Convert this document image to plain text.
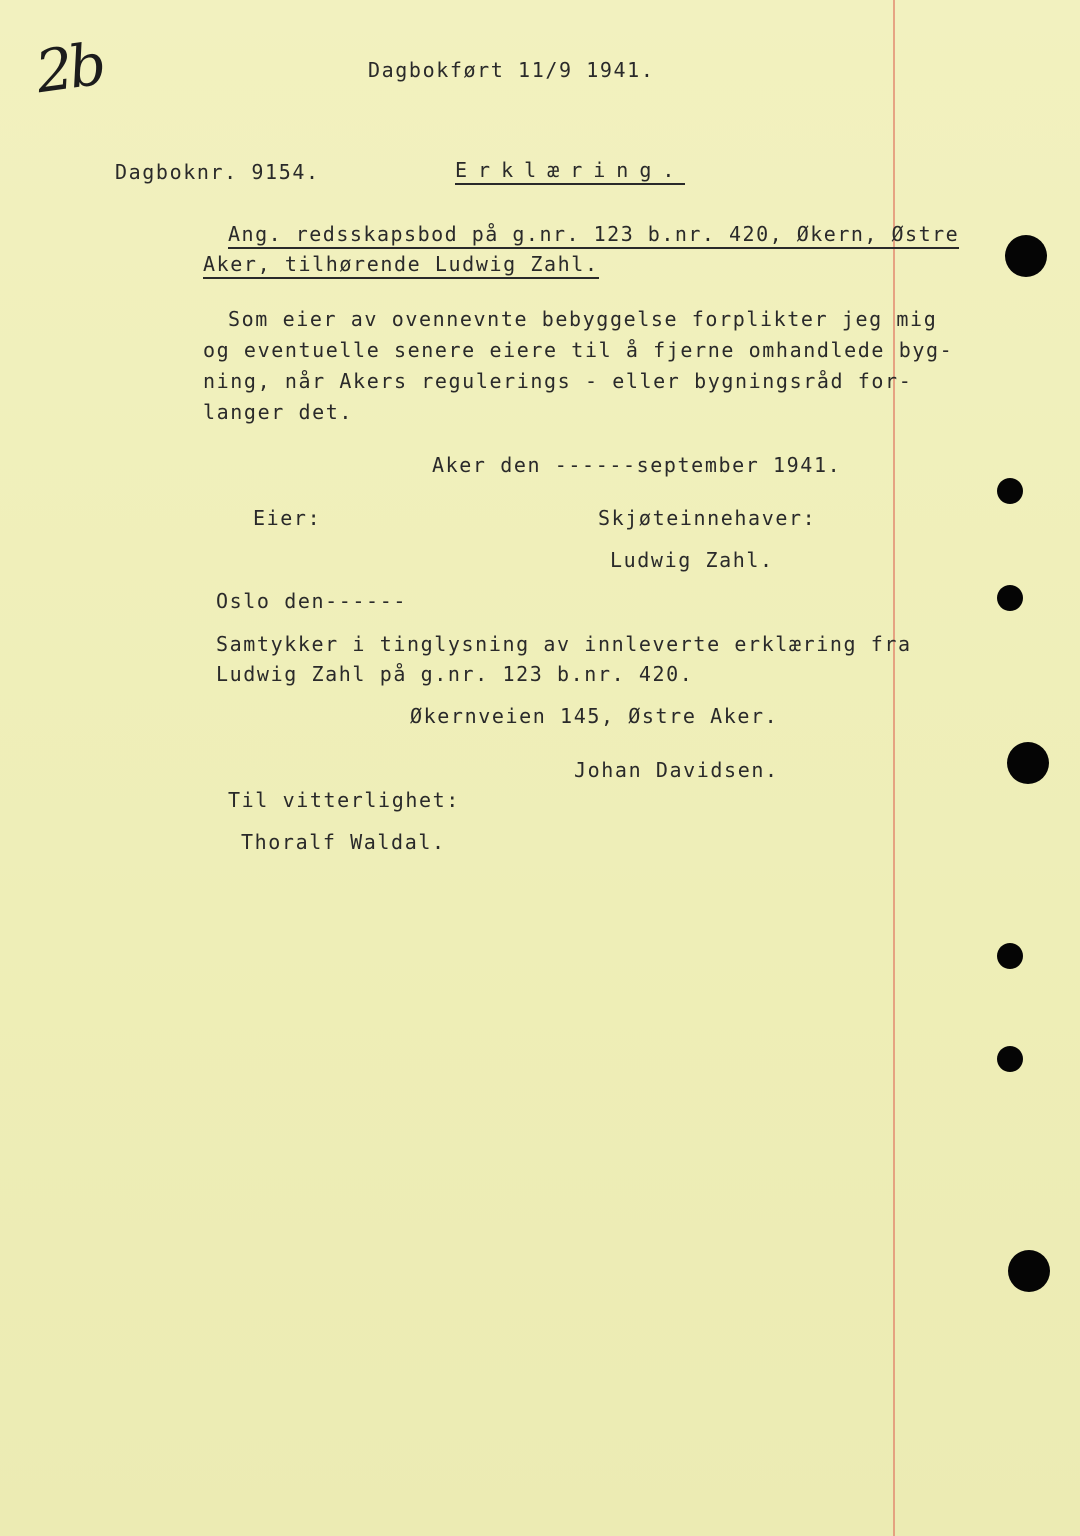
2b	Dagbokført 11/9 1941.
Dagboknr. 9154.	Erklæring.
Ang. redsskapsbod på g.nr. 123 b.nr. 420, Økern, Østre
Aker, tilhørende Ludwig Zahl.
Som eier av ovennevnte bebyggelse forplikter jeg mig
og eventuelle senere eiere til å fjerne omhandlede byg-
ning, når Akers regulerings - eller bygningsråd for-
langer det.
Aker den ------september 1941.
Eier:	Skjøteinnehaver:
Ludwig Zahl.
Oslo den------
Samtykker i tinglysning av innleverte erklæring fra
Ludwig Zahl på g.nr. 123 b.nr. 420.
Økernveien 145, Østre Aker.
Johan Davidsen.
Til vitterlighet:
Thoralf Waldal.
